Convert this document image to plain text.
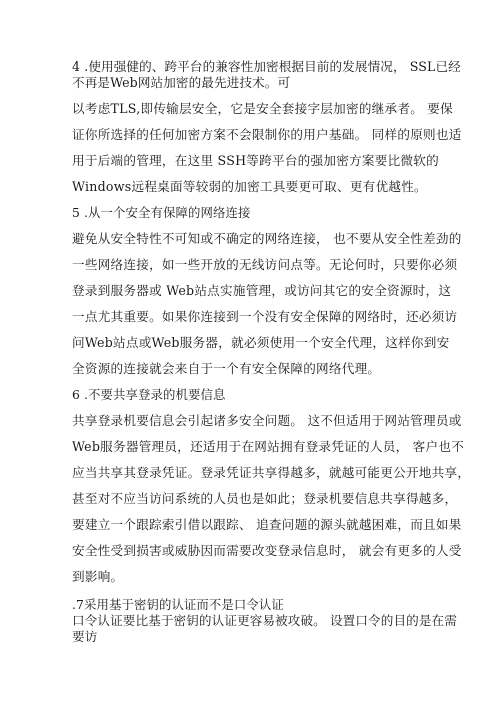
4 .使用强健的、跨平台的兼容性加密根据目前的发展情况， SSL已经
不再是Web网站加密的最先进技术。可
以考虑TLS,即传输层安全，它是安全套接字层加密的继承者。 要保
证你所选择的任何加密方案不会限制你的用户基础。 同样的原则也适
用于后端的管理，在这里 SSH等跨平台的强加密方案要比微软的
Windows远程桌面等较弱的加密工具要更可取、更有优越性。
5 .从一个安全有保障的网络连接
避免从安全特性不可知或不确定的网络连接， 也不要从安全性差劲的
一些网络连接，如一些开放的无线访问点等。无论何时，只要你必须
登录到服务器或 Web站点实施管理，或访问其它的安全资源时，这
一点尤其重要。如果你连接到一个没有安全保障的网络时，还必须访
问Web站点或Web服务器，就必须使用一个安全代理，这样你到安
全资源的连接就会来自于一个有安全保障的网络代理。
6 .不要共享登录的机要信息
共享登录机要信息会引起诸多安全问题。 这不但适用于网站管理员或
Web服务器管理员，还适用于在网站拥有登录凭证的人员， 客户也不
应当共享其登录凭证。登录凭证共享得越多，就越可能更公开地共享，
甚至对不应当访问系统的人员也是如此；登录机要信息共享得越多，
要建立一个跟踪索引借以跟踪、 追查问题的源头就越困难，而且如果
安全性受到损害或威胁因而需要改变登录信息时， 就会有更多的人受
到影响。
.7采用基于密钥的认证而不是口令认证
口令认证要比基于密钥的认证更容易被攻破。 设置口令的目的是在需
要访
